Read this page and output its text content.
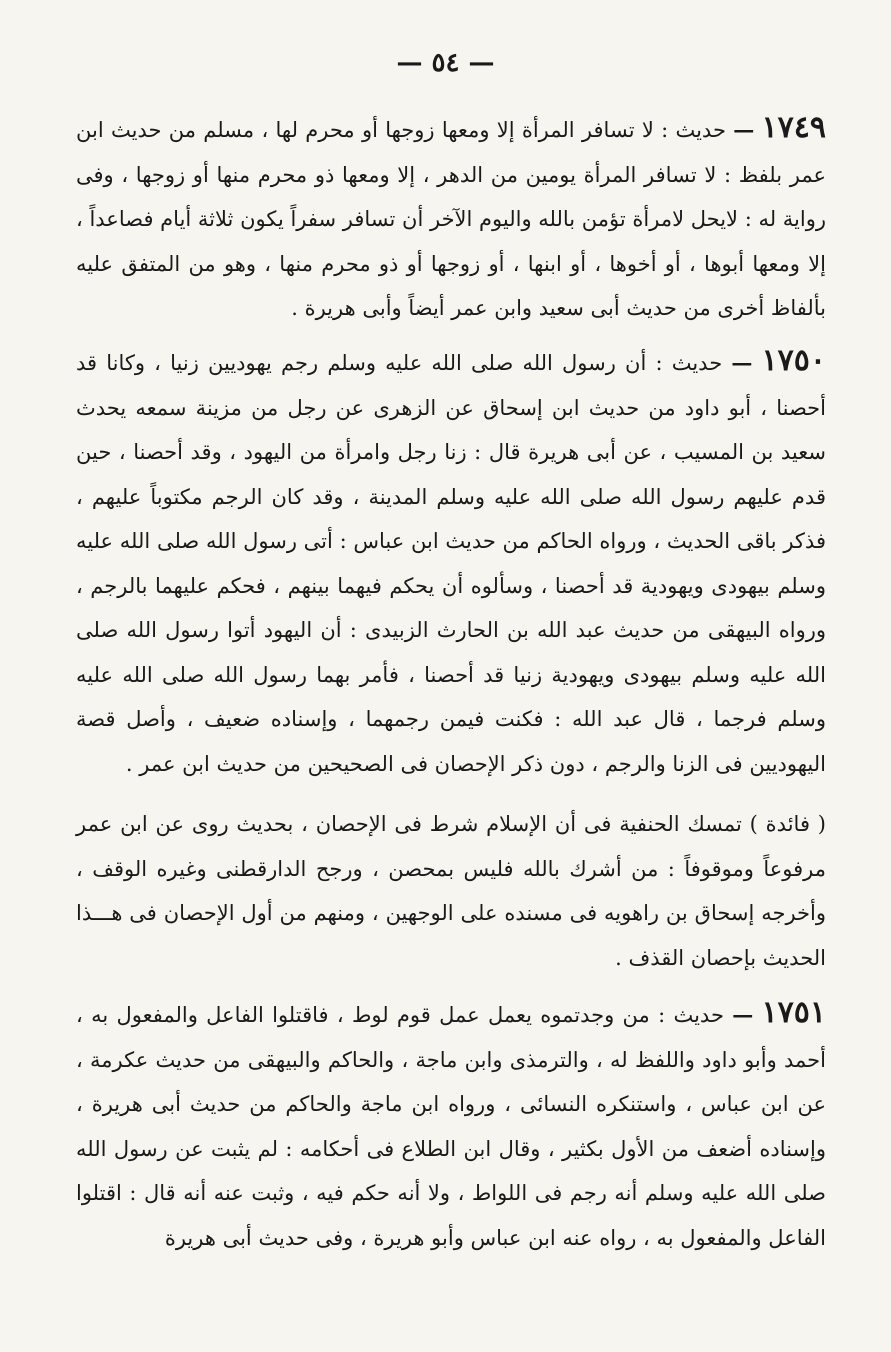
— ٥٤ —
١٧٤٩ — حديث : لا تسافر المرأة إلا ومعها زوجها أو محرم لها ، مسلم من حديث ابن عمر بلفظ : لا تسافر المرأة يومين من الدهر ، إلا ومعها ذو محرم منها أو زوجها ، وفى رواية له : لايحل لامرأة تؤمن بالله واليوم الآخر أن تسافر سفراً يكون ثلاثة أيام فصاعداً ، إلا ومعها أبوها ، أو أخوها ، أو ابنها ، أو زوجها أو ذو محرم منها ، وهو من المتفق عليه بألفاظ أخرى من حديث أبى سعيد وابن عمر أيضاً وأبى هريرة .
١٧٥٠ — حديث : أن رسول الله صلى الله عليه وسلم رجم يهوديين زنيا ، وكانا قد أحصنا ، أبو داود من حديث ابن إسحاق عن الزهرى عن رجل من مزينة سمعه يحدث سعيد بن المسيب ، عن أبى هريرة قال : زنا رجل وامرأة من اليهود ، وقد أحصنا ، حين قدم عليهم رسول الله صلى الله عليه وسلم المدينة ، وقد كان الرجم مكتوباً عليهم ، فذكر باقى الحديث ، ورواه الحاكم من حديث ابن عباس : أتى رسول الله صلى الله عليه وسلم بيهودى ويهودية قد أحصنا ، وسألوه أن يحكم فيهما بينهم ، فحكم عليهما بالرجم ، ورواه البيهقى من حديث عبد الله بن الحارث الزبيدى : أن اليهود أتوا رسول الله صلى الله عليه وسلم بيهودى ويهودية زنيا قد أحصنا ، فأمر بهما رسول الله صلى الله عليه وسلم فرجما ، قال عبد الله : فكنت فيمن رجمهما ، وإسناده ضعيف ، وأصل قصة اليهوديين فى الزنا والرجم ، دون ذكر الإحصان فى الصحيحين من حديث ابن عمر .
( فائدة ) تمسك الحنفية فى أن الإسلام شرط فى الإحصان ، بحديث روى عن ابن عمر مرفوعاً وموقوفاً : من أشرك بالله فليس بمحصن ، ورجح الدارقطنى وغيره الوقف ، وأخرجه إسحاق بن راهويه فى مسنده على الوجهين ، ومنهم من أول الإحصان فى هـــذا الحديث بإحصان القذف .
١٧٥١ — حديث : من وجدتموه يعمل عمل قوم لوط ، فاقتلوا الفاعل والمفعول به ، أحمد وأبو داود واللفظ له ، والترمذى وابن ماجة ، والحاكم والبيهقى من حديث عكرمة ، عن ابن عباس ، واستنكره النسائى ، ورواه ابن ماجة والحاكم من حديث أبى هريرة ، وإسناده أضعف من الأول بكثير ، وقال ابن الطلاع فى أحكامه : لم يثبت عن رسول الله صلى الله عليه وسلم أنه رجم فى اللواط ، ولا أنه حكم فيه ، وثبت عنه أنه قال : اقتلوا الفاعل والمفعول به ، رواه عنه ابن عباس وأبو هريرة ، وفى حديث أبى هريرة
